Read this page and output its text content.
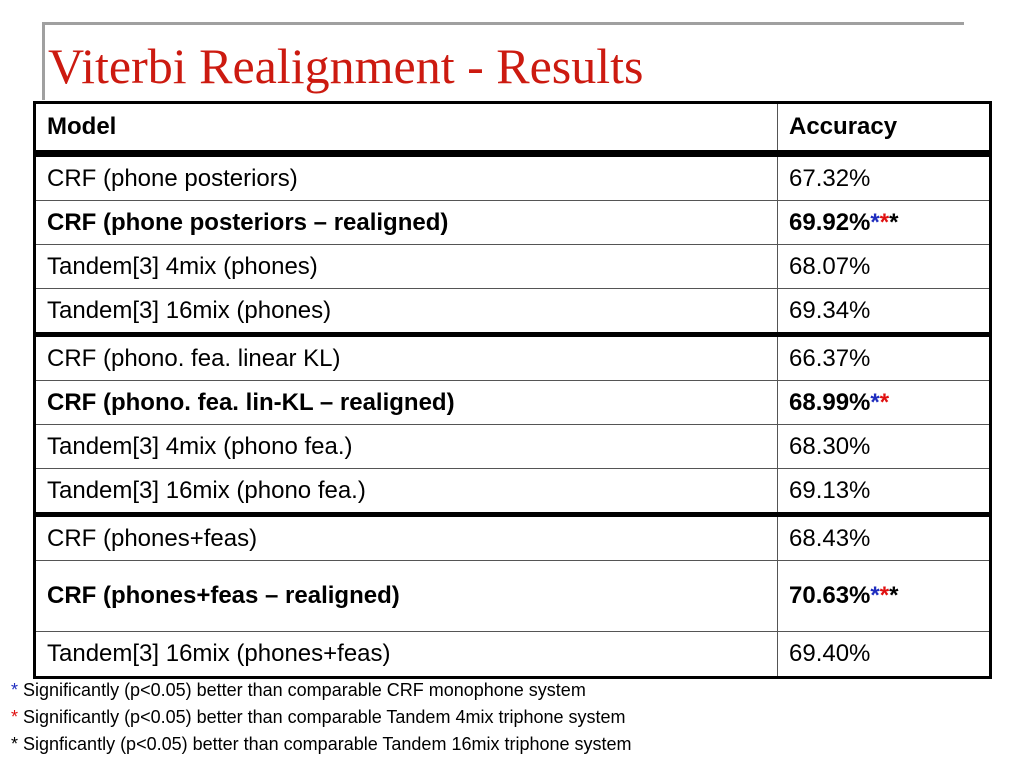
Viterbi Realignment - Results
Model	Accuracy
CRF (phone posteriors)	67.32%
CRF (phone posteriors – realigned)	69.92%***
Tandem[3] 4mix (phones)	68.07%
Tandem[3] 16mix (phones)	69.34%
CRF (phono. fea. linear KL)	66.37%
CRF (phono. fea. lin-KL – realigned)	68.99%**
Tandem[3] 4mix (phono fea.)	68.30%
Tandem[3] 16mix (phono fea.)	69.13%
CRF (phones+feas)	68.43%
CRF (phones+feas – realigned)	70.63%***
Tandem[3] 16mix (phones+feas)	69.40%
* Significantly (p<0.05) better than comparable CRF monophone system
* Significantly (p<0.05) better than comparable Tandem 4mix triphone system
* Signficantly (p<0.05) better than comparable Tandem 16mix triphone system
